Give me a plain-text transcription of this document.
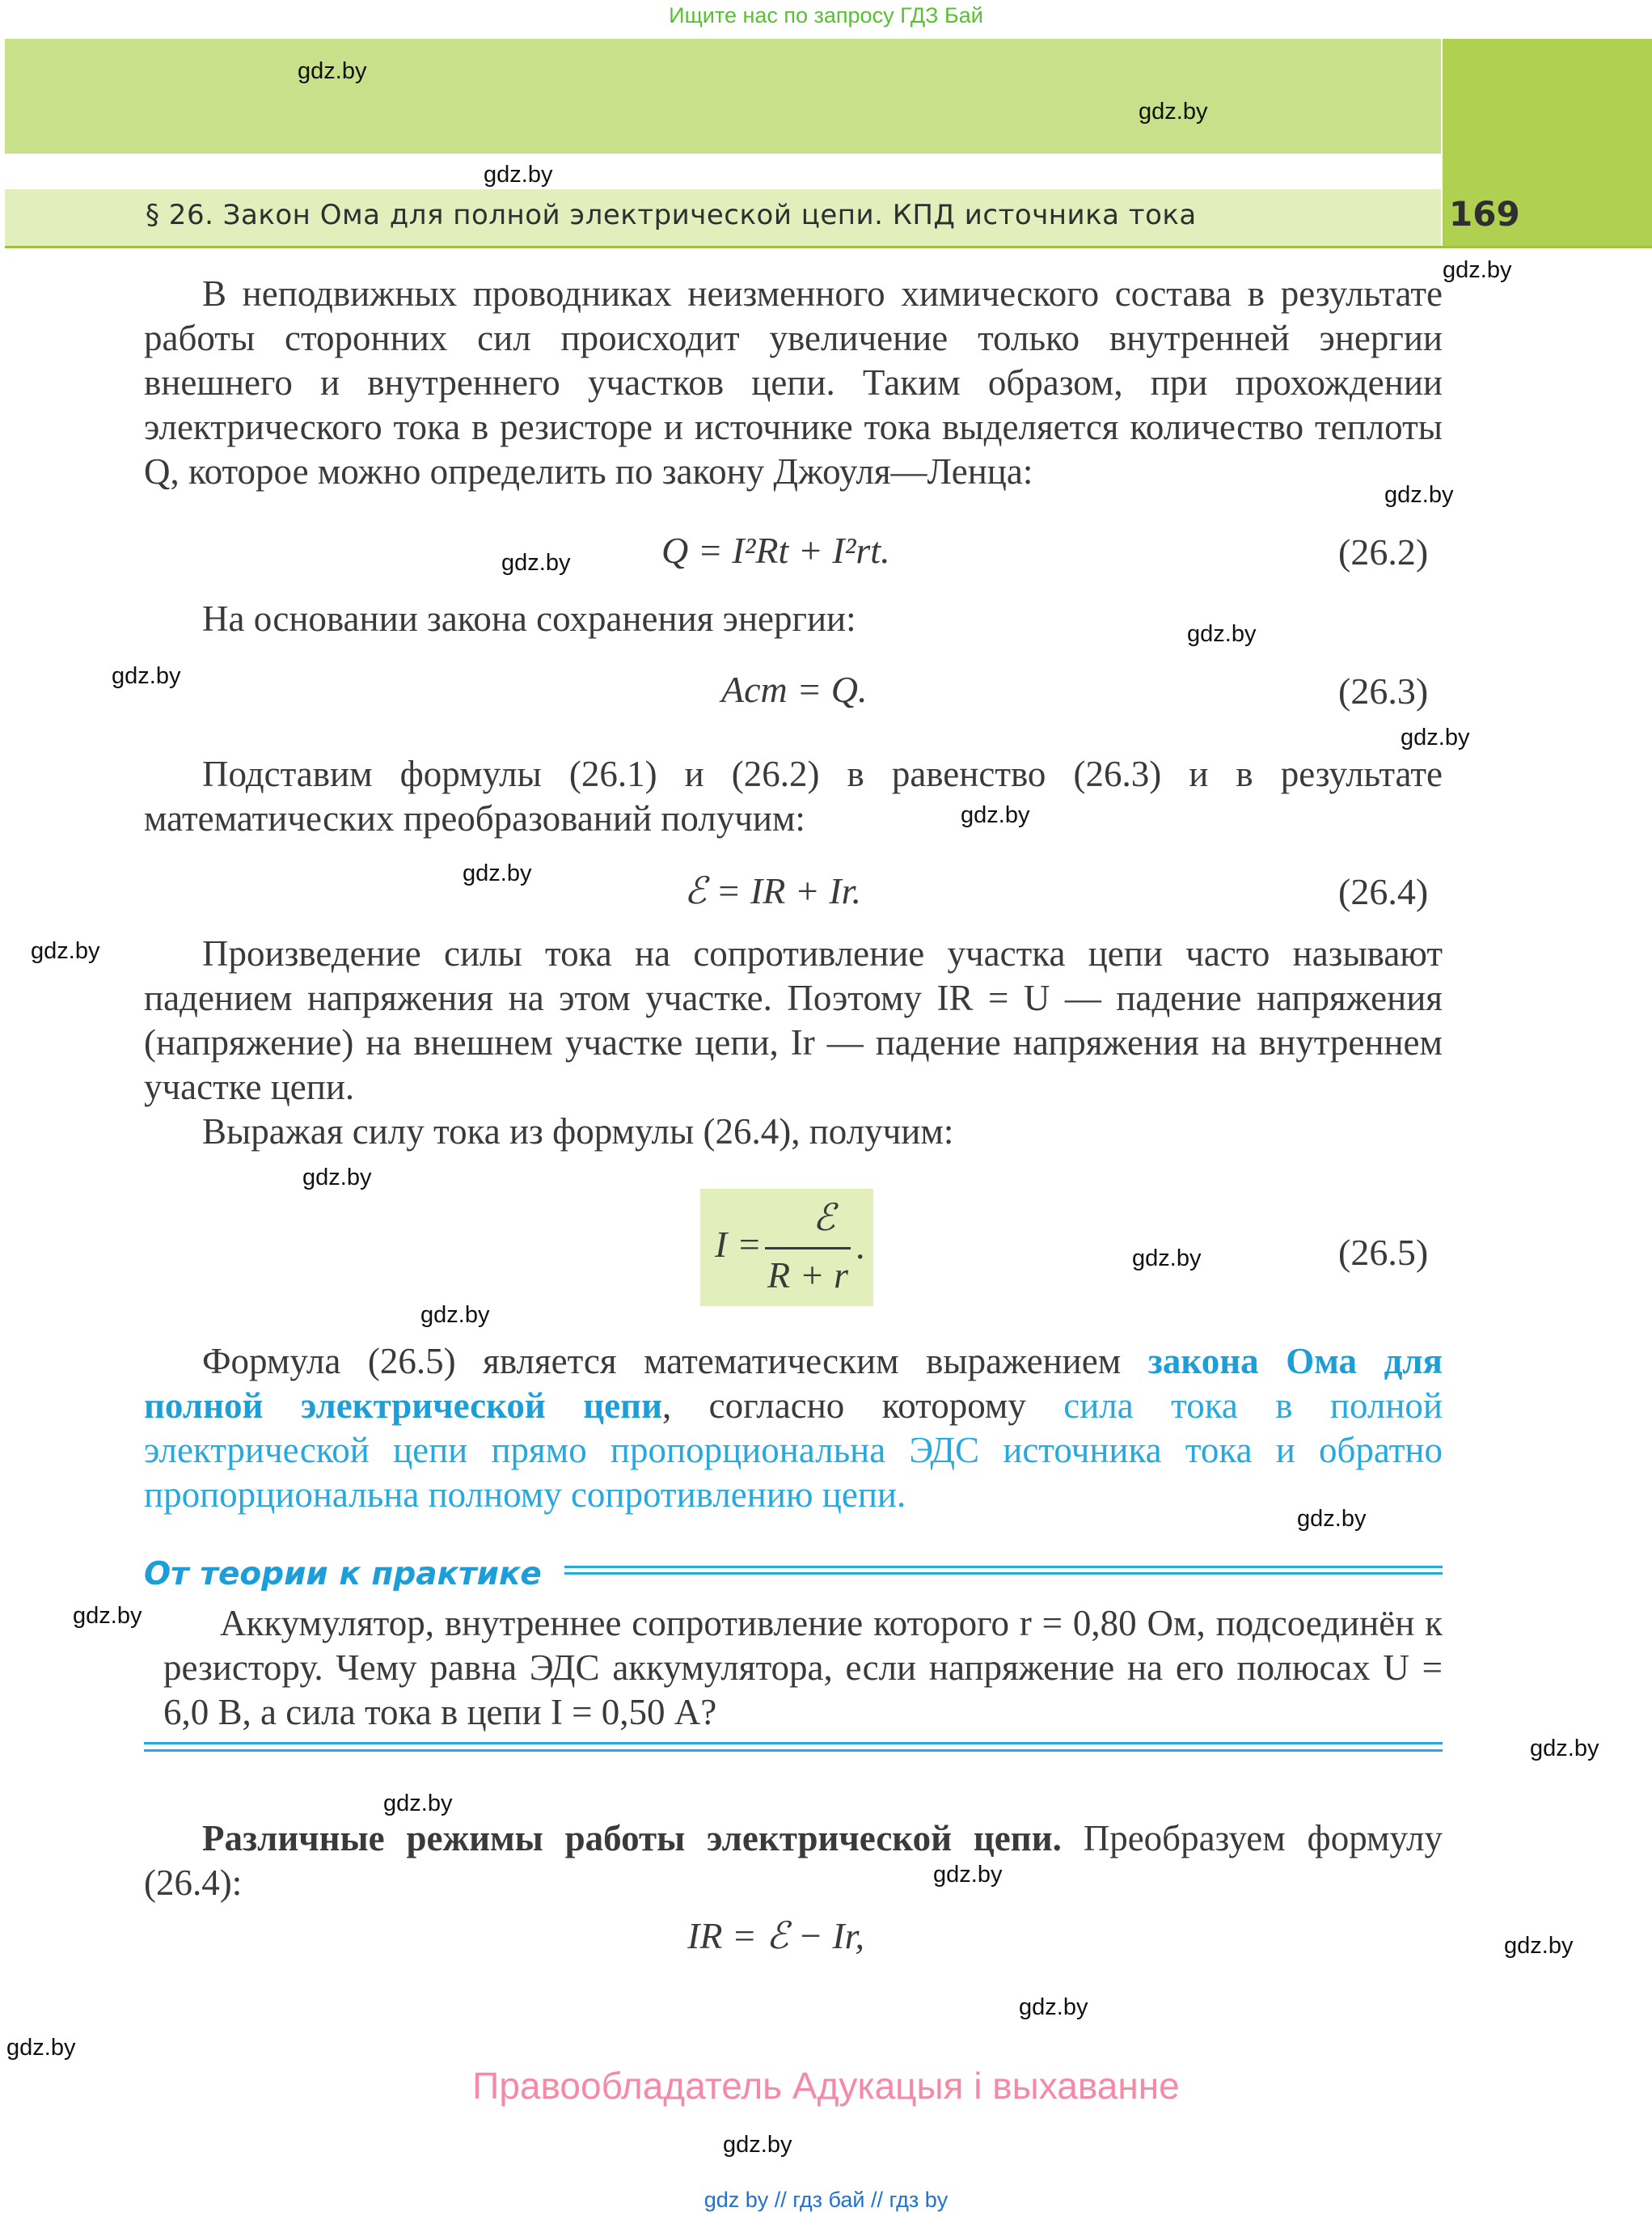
Ищите нас по запросу ГДЗ Бай
§ 26. Закон Ома для полной электрической цепи. КПД источника тока	169
gdz.by
gdz.by
gdz.by
gdz.by
gdz.by
gdz.by
gdz.by
gdz.by
gdz.by
gdz.by
gdz.by
gdz.by
gdz.by
gdz.by
gdz.by
gdz.by
gdz.by
gdz.by
gdz.by
gdz.by
gdz.by
gdz.by
gdz.by
gdz.by
В неподвижных проводниках неизменного химического состава в результате работы сторонних сил происходит увеличение только внутренней энергии внешнего и внутреннего участков цепи. Таким образом, при прохождении электрического тока в резисторе и источнике тока выделяется количество теплоты Q, которое можно определить по закону Джоуля—Ленца:
Q = I²Rt + I²rt.	(26.2)
На основании закона сохранения энергии:
Aст = Q.	(26.3)
Подставим формулы (26.1) и (26.2) в равенство (26.3) и в результате математических преобразований получим:
ℰ = IR + Ir.	(26.4)
Произведение силы тока на сопротивление участка цепи часто называют падением напряжения на этом участке. Поэтому IR = U — падение напряжения (напряжение) на внешнем участке цепи, Ir — падение напряжения на внутреннем участке цепи.
Выражая силу тока из формулы (26.4), получим:
I =
ℰ
R + r
.	(26.5)
Формула (26.5) является математическим выражением закона Ома для полной электрической цепи, согласно которому сила тока в полной электрической цепи прямо пропорциональна ЭДС источника тока и обратно пропорциональна полному сопротивлению цепи.
От теории к практике
Аккумулятор, внутреннее сопротивление которого r = 0,80 Ом, подсоединён к резистору. Чему равна ЭДС аккумулятора, если напряжение на его полюсах U = 6,0 В, а сила тока в цепи I = 0,50 А?
Различные режимы работы электрической цепи. Преобразуем формулу (26.4):
IR = ℰ − Ir,
Правообладатель Адукацыя і выхаванне
gdz by // гдз бай // гдз by
